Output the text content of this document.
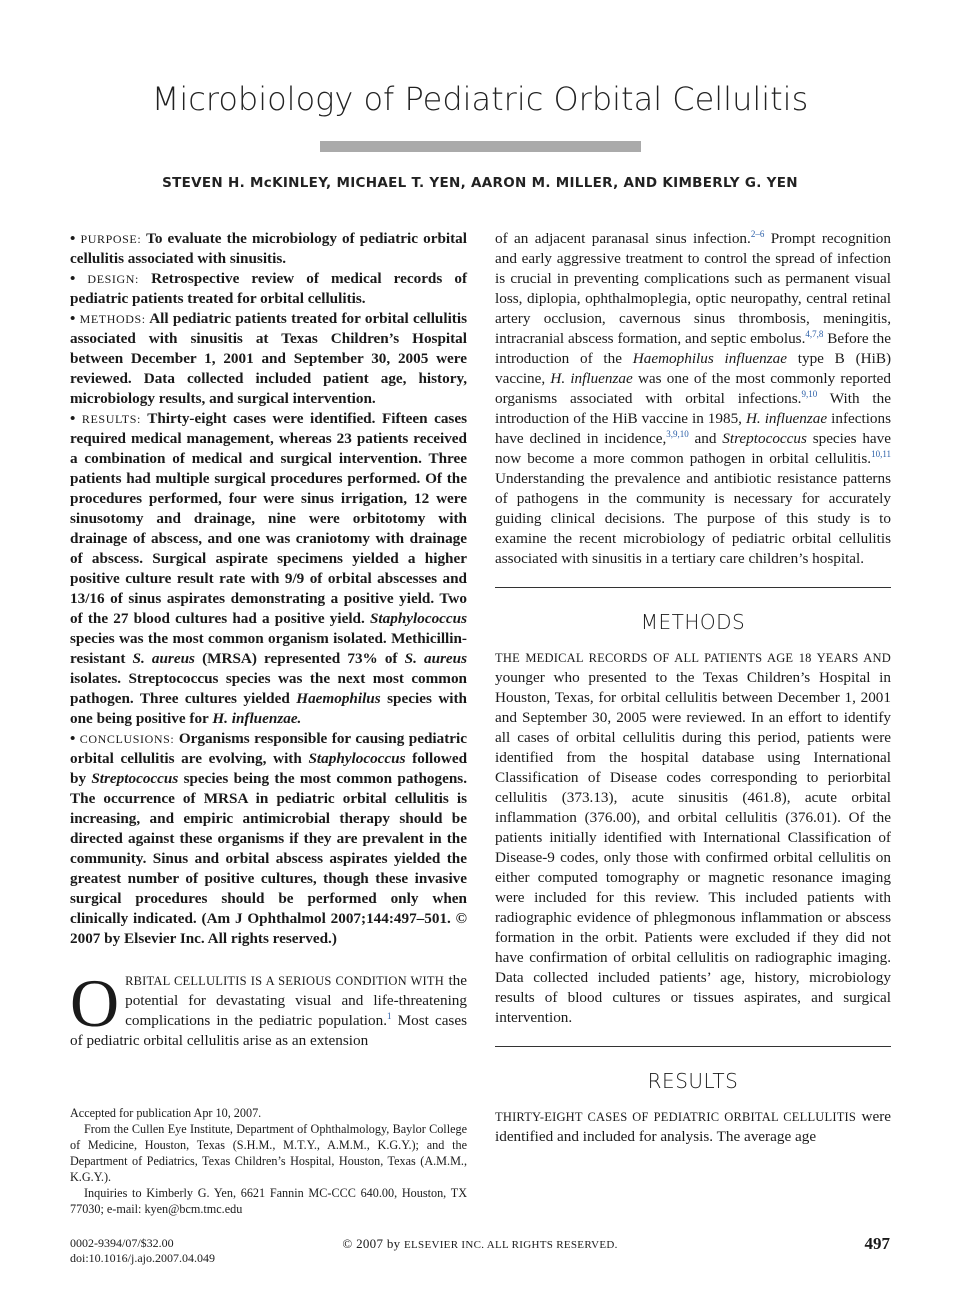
Microbiology of Pediatric Orbital Cellulitis
STEVEN H. McKINLEY, MICHAEL T. YEN, AARON M. MILLER, AND KIMBERLY G. YEN

• PURPOSE: To evaluate the microbiology of pediatric orbital cellulitis associated with sinusitis.

• DESIGN: Retrospective review of medical records of pediatric patients treated for orbital cellulitis.

• METHODS: All pediatric patients treated for orbital cellulitis associated with sinusitis at Texas Children’s Hospital between December 1, 2001 and September 30, 2005 were reviewed. Data collected included patient age, history, microbiology results, and surgical intervention.

• RESULTS: Thirty-eight cases were identified. Fifteen cases required medical management, whereas 23 patients received a combination of medical and surgical intervention. Three patients had multiple surgical procedures performed. Of the procedures performed, four were sinus irrigation, 12 were sinusotomy and drainage, nine were orbitotomy with drainage of abscess, and one was craniotomy with drainage of abscess. Surgical aspirate specimens yielded a higher positive culture result rate with 9/9 of orbital abscesses and 13/16 of sinus aspirates demonstrating a positive yield. Two of the 27 blood cultures had a positive yield. Staphylococcus species was the most common organism isolated. Methicillin-resistant S. aureus (MRSA) represented 73% of S. aureus isolates. Streptococcus species was the next most common pathogen. Three cultures yielded Haemophilus species with one being positive for H. influenzae.

• CONCLUSIONS: Organisms responsible for causing pediatric orbital cellulitis are evolving, with Staphylococcus followed by Streptococcus species being the most common pathogens. The occurrence of MRSA in pediatric orbital cellulitis is increasing, and empiric antimicrobial therapy should be directed against these organisms if they are prevalent in the community. Sinus and orbital abscess aspirates yielded the greatest number of positive cultures, though these invasive surgical procedures should be performed only when clinically indicated. (Am J Ophthalmol 2007;144:497–501. © 2007 by Elsevier Inc. All rights reserved.)

ORBITAL CELLULITIS IS A SERIOUS CONDITION WITH the potential for devastating visual and life-threatening complications in the pediatric population.$^1$ Most cases of pediatric orbital cellulitis arise as an extension

Accepted for publication Apr 10, 2007.

From the Cullen Eye Institute, Department of Ophthalmology, Baylor College of Medicine, Houston, Texas (S.H.M., M.T.Y., A.M.M., K.G.Y.); and the Department of Pediatrics, Texas Children’s Hospital, Houston, Texas (A.M.M., K.G.Y.).

Inquiries to Kimberly G. Yen, 6621 Fannin MC-CCC 640.00, Houston, TX 77030; e-mail: kyen@bcm.tmc.edu

of an adjacent paranasal sinus infection.$^{2-6}$ Prompt recognition and early aggressive treatment to control the spread of infection is crucial in preventing complications such as permanent visual loss, diplopia, ophthalmoplegia, optic neuropathy, central retinal artery occlusion, cavernous sinus thrombosis, meningitis, intracranial abscess formation, and septic embolus.$^{4,7,8}$ Before the introduction of the Haemophilus influenzae type B (HiB) vaccine, H. influenzae was one of the most commonly reported organisms associated with orbital infections.$^{9,10}$ With the introduction of the HiB vaccine in 1985, H. influenzae infections have declined in incidence,$^{3,9,10}$ and Streptococcus species have now become a more common pathogen in orbital cellulitis.$^{10,11}$ Understanding the prevalence and antibiotic resistance patterns of pathogens in the community is necessary for accurately guiding clinical decisions. The purpose of this study is to examine the recent microbiology of pediatric orbital cellulitis associated with sinusitis in a tertiary care children’s hospital.

METHODS

THE MEDICAL RECORDS OF ALL PATIENTS AGE 18 YEARS AND younger who presented to the Texas Children’s Hospital in Houston, Texas, for orbital cellulitis between December 1, 2001 and September 30, 2005 were reviewed. In an effort to identify all cases of orbital cellulitis during this period, patients were identified from the hospital database using International Classification of Disease codes corresponding to periorbital cellulitis (373.13), acute sinusitis (461.8), acute orbital inflammation (376.00), and orbital cellulitis (376.01). Of the patients initially identified with International Classification of Disease-9 codes, only those with confirmed orbital cellulitis on either computed tomography or magnetic resonance imaging were included for this review. This included patients with radiographic evidence of phlegmonous inflammation or abscess formation in the orbit. Patients were excluded if they did not have confirmation of orbital cellulitis on radiographic imaging. Data collected included patients’ age, history, microbiology results of blood cultures or tissues aspirates, and surgical intervention.

RESULTS

THIRTY-EIGHT CASES OF PEDIATRIC ORBITAL CELLULITIS were identified and included for analysis. The average age

0002-9394/07/$32.00
doi:10.1016/j.ajo.2007.04.049
© 2007 by ELSEVIER INC. ALL RIGHTS RESERVED.	497
